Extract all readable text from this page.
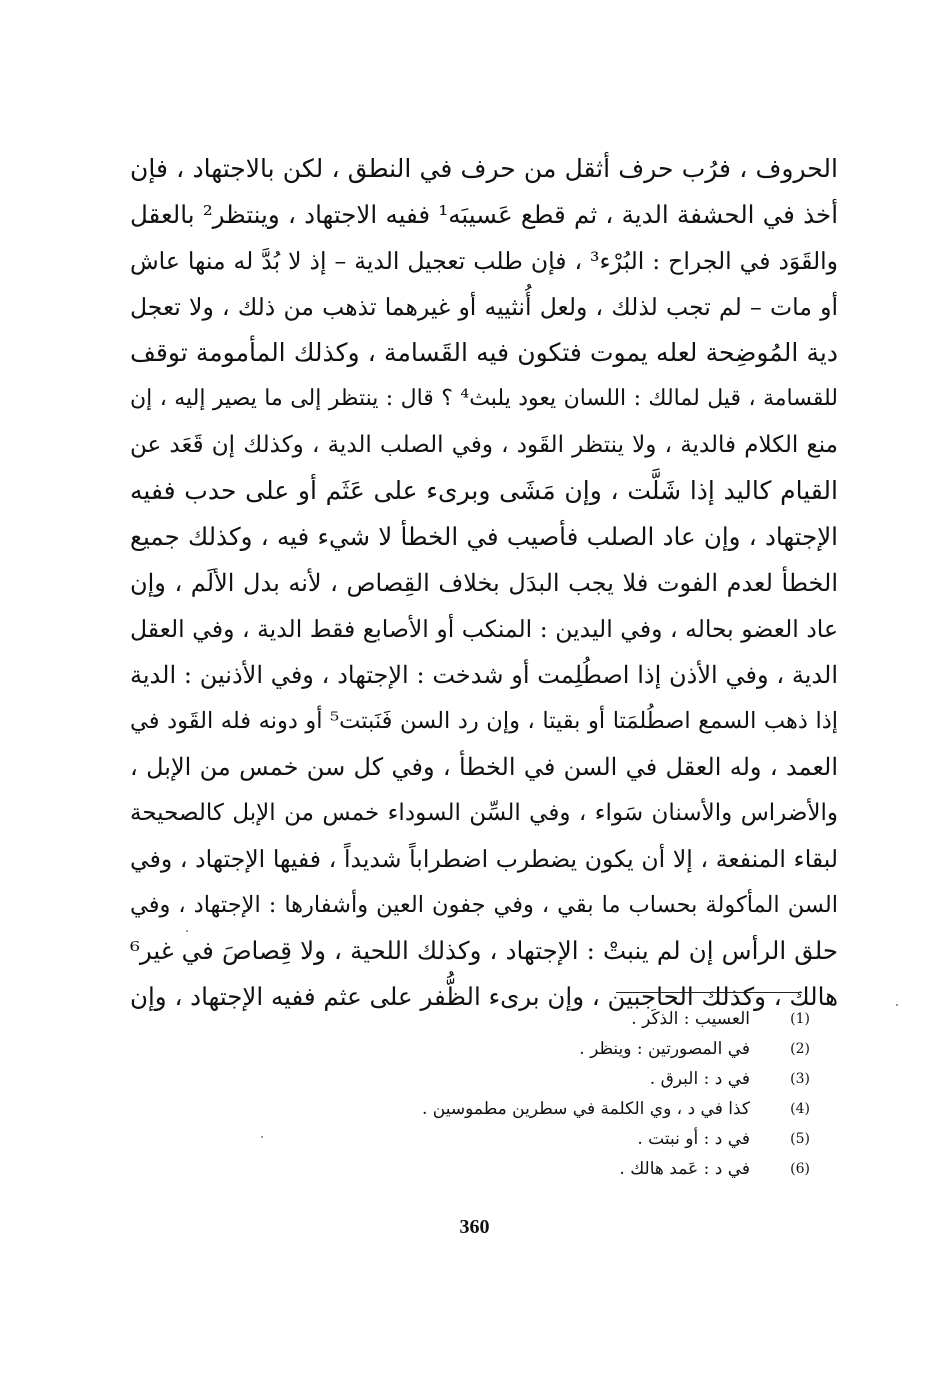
الحروف ، فرُب حرف أثقل من حرف في النطق ، لكن بالاجتهاد ، فإن
أخذ في الحشفة الدية ، ثم قطع عَسيبَه¹ ففيه الاجتهاد ، وينتظر² بالعقل
والقَوَد في الجراح : البُرْء³ ، فإن طلب تعجيل الدية – إذ لا بُدَّ له منها عاش
أو مات – لم تجب لذلك ، ولعل أُنثييه أو غيرهما تذهب من ذلك ، ولا تعجل
دية المُوضِحة لعله يموت فتكون فيه القَسامة ، وكذلك المأمومة توقف
للقسامة ، قيل لمالك : اللسان يعود يلبث⁴ ؟ قال : ينتظر إلى ما يصير إليه ، إن
منع الكلام فالدية ، ولا ينتظر القَود ، وفي الصلب الدية ، وكذلك إن قَعَد عن
القيام كاليد إذا شَلَّت ، وإن مَشَى وبرىء على عَثَم أو على حدب ففيه
الإجتهاد ، وإن عاد الصلب فأصيب في الخطأ لا شيء فيه ، وكذلك جميع
الخطأ لعدم الفوت فلا يجب البدَل بخلاف القِصاص ، لأنه بدل الألَم ، وإن
عاد العضو بحاله ، وفي اليدين : المنكب أو الأصابع فقط الدية ، وفي العقل
الدية ، وفي الأذن إذا اصطُلِمت أو شدخت : الإجتهاد ، وفي الأذنين : الدية
إذا ذهب السمع اصطُلمَتا أو بقيتا ، وإن رد السن فَنَبتت⁵ أو دونه فله القَود في
العمد ، وله العقل في السن في الخطأ ، وفي كل سن خمس من الإبل ،
والأضراس والأسنان سَواء ، وفي السِّن السوداء خمس من الإبل كالصحيحة
لبقاء المنفعة ، إلا أن يكون يضطرب اضطراباً شديداً ، ففيها الإجتهاد ، وفي
السن المأكولة بحساب ما بقي ، وفي جفون العين وأشفارها : الإجتهاد ، وفي
حلق الرأس إن لم ينبتْ : الإجتهاد ، وكذلك اللحية ، ولا قِصاصَ في غير⁶
هالك ، وكذلك الحاجبين ، وإن برىء الظُّفر على عثم ففيه الإجتهاد ، وإن
(1)
العسيب : الذكَر .
(2)
في المصورتين : وينظر .
(3)
في د : البرق .
(4)
كذا في د ، وي الكلمة في سطرين مطموسين .
(5)
في د : أو نبتت .
(6)
في د : عَمد هالك .
360
